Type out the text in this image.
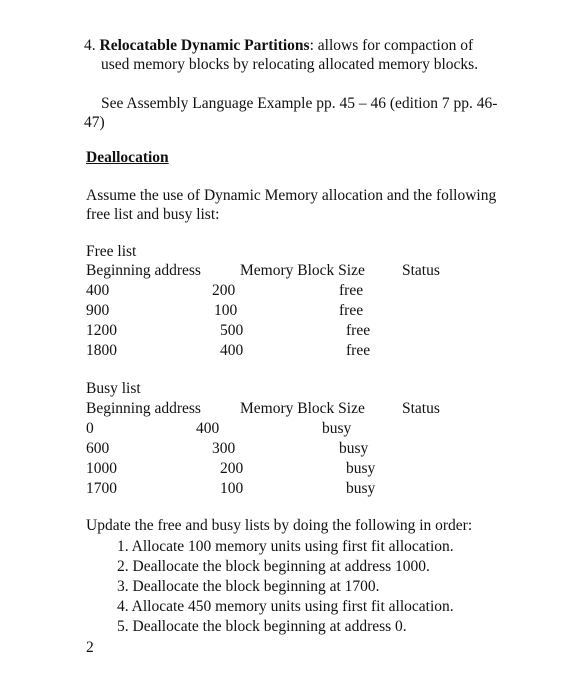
4. Relocatable Dynamic Partitions: allows for compaction of
used memory blocks by relocating allocated memory blocks.
See Assembly Language Example pp. 45 – 46 (edition 7 pp. 46-
47)
Deallocation
Assume the use of Dynamic Memory allocation and the following
free list and busy list:
Free list
Beginning address	Memory Block Size Status
400	200	free
900	100	free
1200	500	free
1800	400	free
Busy list
Beginning address	Memory Block Size Status
0	400	busy
600	300	busy
1000	200	busy
1700	100	busy
Update the free and busy lists by doing the following in order:
1. Allocate 100 memory units using first fit allocation.
2. Deallocate the block beginning at address 1000.
3. Deallocate the block beginning at 1700.
4. Allocate 450 memory units using first fit allocation.
5. Deallocate the block beginning at address 0.
2
